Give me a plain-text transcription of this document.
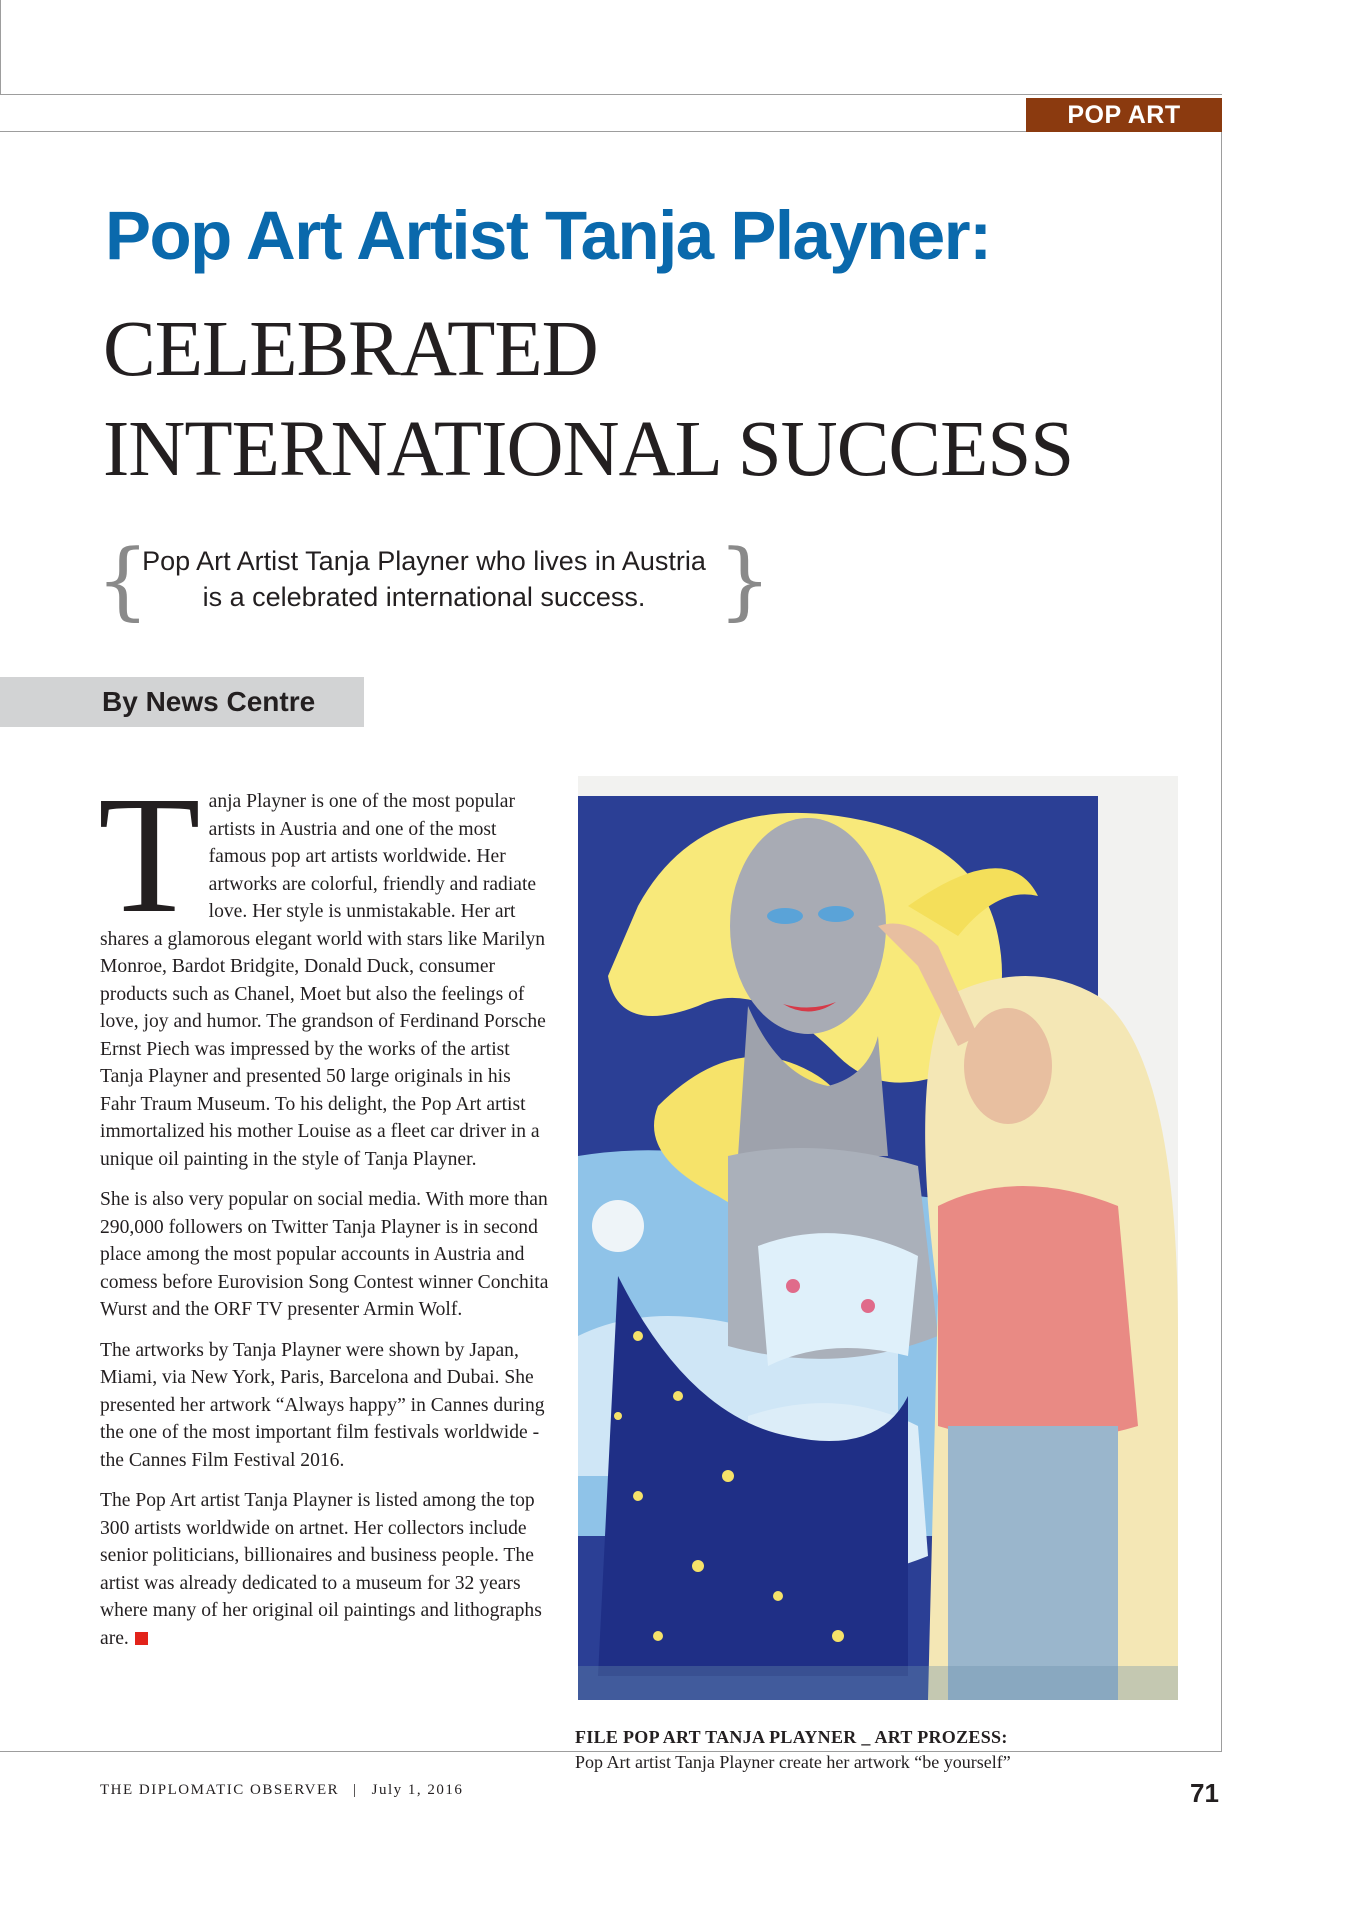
POP ART
Pop Art Artist Tanja Playner:
CELEBRATED
INTERNATIONAL SUCCESS
{	}
Pop Art Artist Tanja Playner who lives in Austria
is a celebrated international success.
By News Centre

Tanja Playner is one of the most popular artists in Austria and one of the most famous pop art artists worldwide. Her artworks are colorful, friendly and radiate love. Her style is unmistakable. Her art shares a glamorous elegant world with stars like Marilyn Monroe, Bardot Bridgite, Donald Duck, consumer products such as Chanel, Moet but also the feelings of love, joy and humor. The grandson of Ferdinand Porsche Ernst Piech was impressed by the works of the artist Tanja Playner and presented 50 large originals in his Fahr Traum Museum. To his delight, the Pop Art artist immortalized his mother Louise as a fleet car driver in a unique oil painting in the style of Tanja Playner.

She is also very popular on social media. With more than 290,000 followers on Twitter Tanja Playner is in second place among the most popular accounts in Austria and comess before Eurovision Song Contest winner Conchita Wurst and the ORF TV presenter Armin Wolf.

The artworks by Tanja Playner were shown by Japan, Miami, via New York, Paris, Barcelona and Dubai. She presented her artwork “Always happy” in Cannes during the one of the most important film festivals worldwide - the Cannes Film Festival 2016.

The Pop Art artist Tanja Playner is listed among the top 300 artists worldwide on artnet. Her collectors include senior politicians, billionaires and business people. The artist was already dedicated to a museum for 32 years where many of her original oil paintings and lithographs are.

FILE POP ART TANJA PLAYNER _ ART PROZESS:
Pop Art artist Tanja Playner create her artwork “be yourself”
THE DIPLOMATIC OBSERVER | July 1, 2016	71
